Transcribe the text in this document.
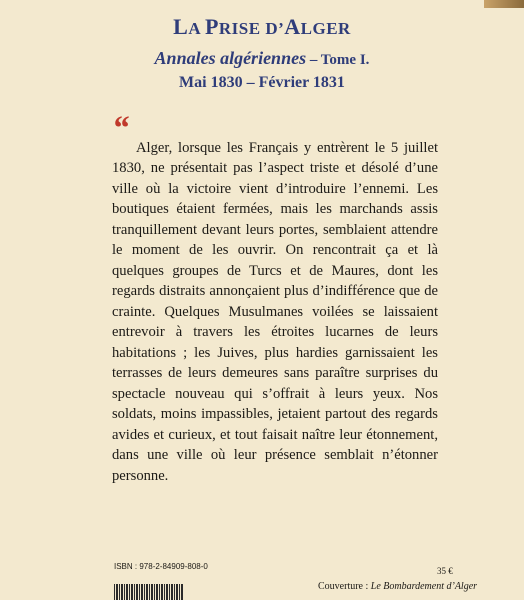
LA PRISE D’ALGER
Annales algériennes – Tome I.
Mai 1830 – Février 1831
“

Alger, lorsque les Français y entrèrent le 5 juillet 1830, ne présentait pas l’aspect triste et désolé d’une ville où la victoire vient d’introduire l’ennemi. Les boutiques étaient fermées, mais les marchands assis tranquillement devant leurs portes, semblaient attendre le moment de les ouvrir. On rencontrait ça et là quelques groupes de Turcs et de Maures, dont les regards distraits annonçaient plus d’indifférence que de crainte. Quelques Musulmanes voilées se laissaient entrevoir à travers les étroites lucarnes de leurs habitations ; les Juives, plus hardies garnissaient les terrasses de leurs demeures sans paraître surprises du spectacle nouveau qui s’offrait à leurs yeux. Nos soldats, moins impassibles, jetaient partout des regards avides et curieux, et tout faisait naître leur étonnement, dans une ville où leur présence semblait n’étonner personne.

ISBN : 978-2-84909-808-0	35 €
Couverture : Le Bombardement d’Alger
